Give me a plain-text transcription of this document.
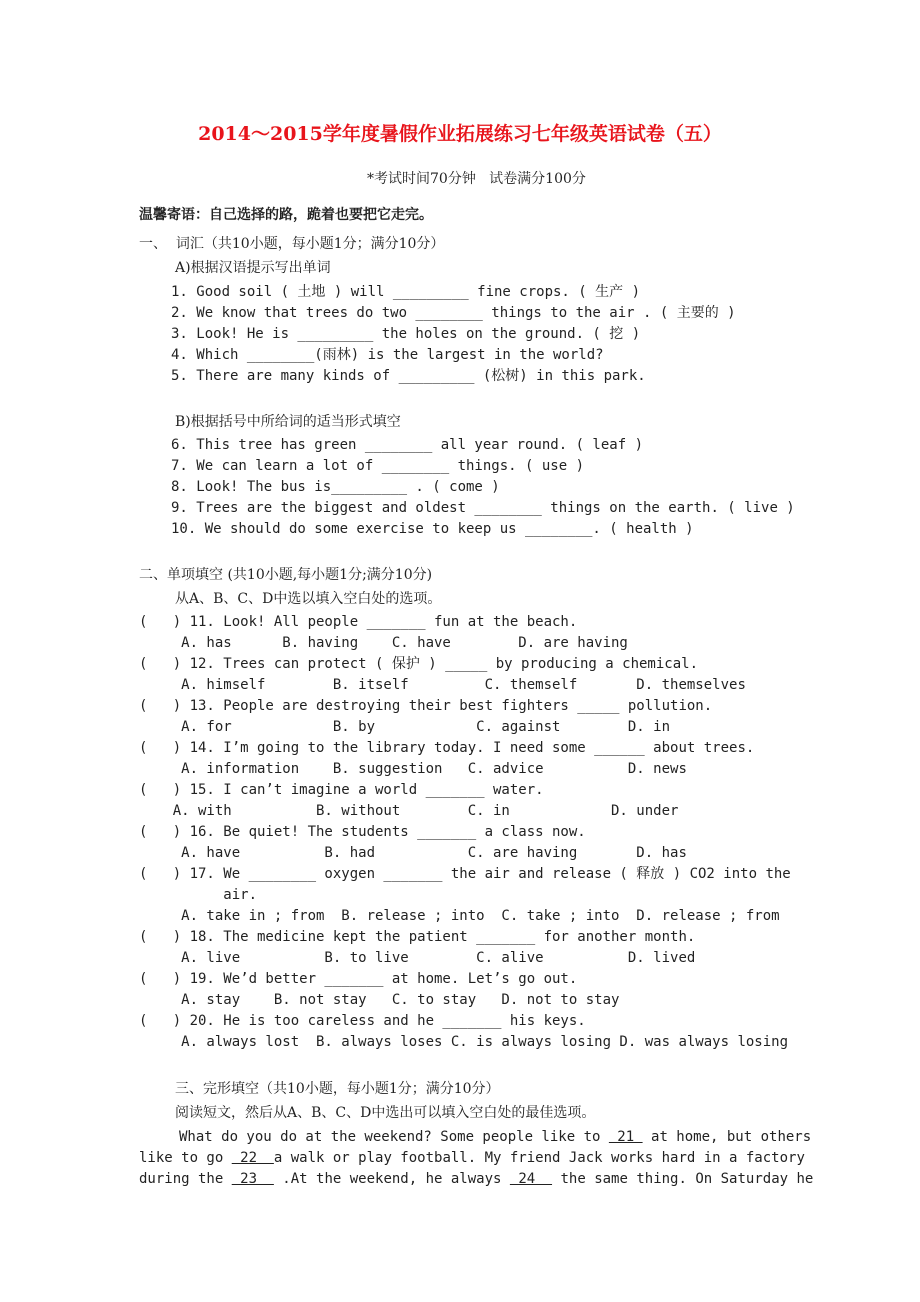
2014～2015学年度暑假作业拓展练习七年级英语试卷（五）
*考试时间70分钟   试卷满分100分
温馨寄语：自己选择的路，跪着也要把它走完。
一、  词汇（共10小题，每小题1分；满分10分）
A)根据汉语提示写出单词
1. Good soil ( 土地 ) will _________ fine crops. ( 生产 )
2. We know that trees do two ________ things to the air . ( 主要的 )
3. Look! He is _________ the holes on the ground. ( 挖 )
4. Which ________(雨林) is the largest in the world?
5. There are many kinds of _________ (松树) in this park.
B)根据括号中所给词的适当形式填空
6. This tree has green ________ all year round. ( leaf )
7. We can learn a lot of ________ things. ( use )
8. Look! The bus is_________ . ( come )
9. Trees are the biggest and oldest ________ things on the earth. ( live )
10. We should do some exercise to keep us ________. ( health )
二、单项填空 (共10小题,每小题1分;满分10分)
从A、B、C、D中选以填入空白处的选项。
(   ) 11. Look! All people _______ fun at the beach.
A. has      B. having    C. have        D. are having
(   ) 12. Trees can protect ( 保护 ) _____ by producing a chemical.
A. himself        B. itself         C. themself       D. themselves
(   ) 13. People are destroying their best fighters _____ pollution.
A. for            B. by            C. against        D. in
(   ) 14. I’m going to the library today. I need some ______ about trees.
A. information    B. suggestion   C. advice          D. news
(   ) 15. I can’t imagine a world _______ water.
A. with          B. without        C. in            D. under
(   ) 16. Be quiet! The students _______ a class now.
A. have          B. had           C. are having       D. has
(   ) 17. We ________ oxygen _______ the air and release ( 释放 ) CO2 into the
air.
A. take in ; from  B. release ; into  C. take ; into  D. release ; from
(   ) 18. The medicine kept the patient _______ for another month.
A. live          B. to live        C. alive          D. lived
(   ) 19. We’d better _______ at home. Let’s go out.
A. stay    B. not stay   C. to stay   D. not to stay
(   ) 20. He is too careless and he _______ his keys.
A. always lost  B. always loses C. is always losing D. was always losing
三、完形填空（共10小题，每小题1分；满分10分）
阅读短文，然后从A、B、C、D中选出可以填入空白处的最佳选项。
What do you do at the weekend? Some people like to  21  at home, but others
like to go  22  a walk or play football. My friend Jack works hard in a factory
during the  23   .At the weekend, he always  24   the same thing. On Saturday he
